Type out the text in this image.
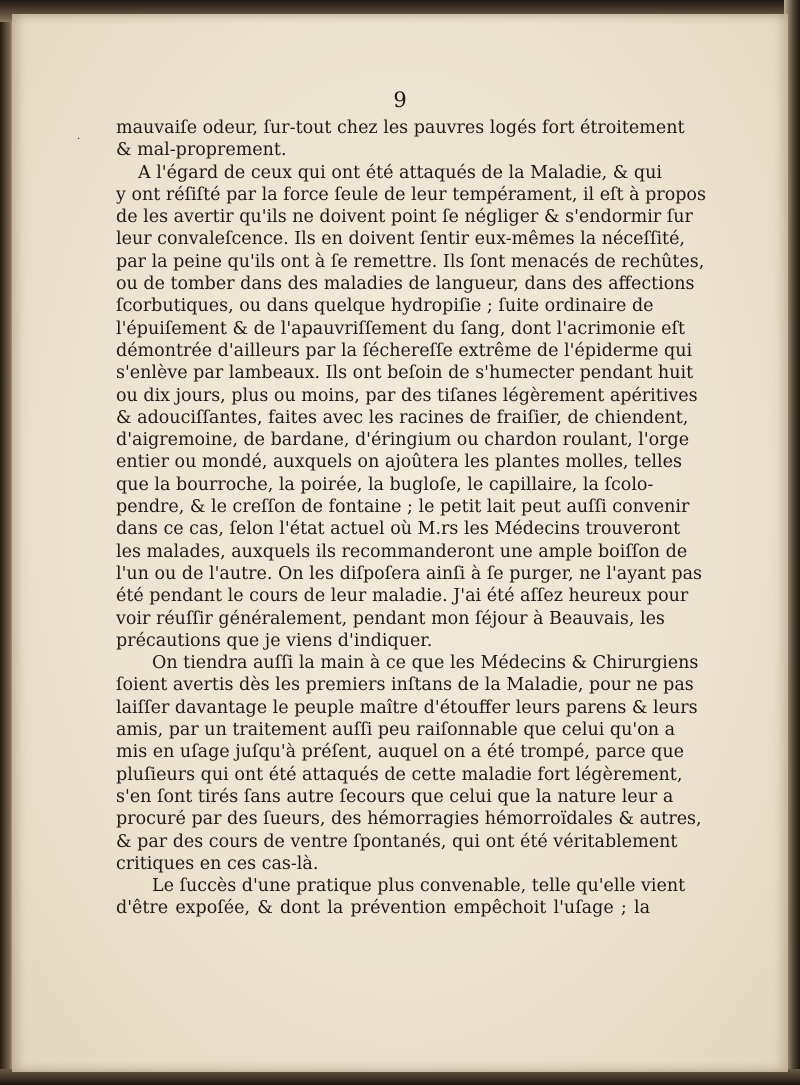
9

·
mauvaiſe odeur, ſur-tout chez les pauvres logés fort étroitement
& mal-proprement.
A l'égard de ceux qui ont été attaqués de la Maladie, & qui
y ont réſiſté par la force ſeule de leur tempérament, il eſt à propos
de les avertir qu'ils ne doivent point ſe négliger & s'endormir ſur
leur convaleſcence. Ils en doivent ſentir eux-mêmes la néceſſité,
par la peine qu'ils ont à ſe remettre. Ils ſont menacés de rechûtes,
ou de tomber dans des maladies de langueur, dans des affections
ſcorbutiques, ou dans quelque hydropiſie ; ſuite ordinaire de
l'épuiſement & de l'apauvriſſement du ſang, dont l'acrimonie eſt
démontrée d'ailleurs par la ſéchereſſe extrême de l'épiderme qui
s'enlève par lambeaux. Ils ont beſoin de s'humecter pendant huit
ou dix jours, plus ou moins, par des tiſanes légèrement apéritives
& adouciſſantes, faites avec les racines de fraiſier, de chiendent,
d'aigremoine, de bardane, d'éringium ou chardon roulant, l'orge
entier ou mondé, auxquels on ajoûtera les plantes molles, telles
que la bourroche, la poirée, la bugloſe, le capillaire, la ſcolo-
pendre, & le creſſon de fontaine ; le petit lait peut auſſi convenir
dans ce cas, ſelon l'état actuel où M.rs les Médecins trouveront
les malades, auxquels ils recommanderont une ample boiſſon de
l'un ou de l'autre. On les diſpoſera ainſi à ſe purger, ne l'ayant pas
été pendant le cours de leur maladie. J'ai été aſſez heureux pour
voir réuſſir généralement, pendant mon ſéjour à Beauvais, les
précautions que je viens d'indiquer.
On tiendra auſſi la main à ce que les Médecins & Chirurgiens
ſoient avertis dès les premiers inſtans de la Maladie, pour ne pas
laiſſer davantage le peuple maître d'étouffer leurs parens & leurs
amis, par un traitement auſſi peu raiſonnable que celui qu'on a
mis en uſage juſqu'à préſent, auquel on a été trompé, parce que
pluſieurs qui ont été attaqués de cette maladie fort légèrement,
s'en ſont tirés ſans autre ſecours que celui que la nature leur a
procuré par des ſueurs, des hémorragies hémorroïdales & autres,
& par des cours de ventre ſpontanés, qui ont été véritablement
critiques en ces cas-là.
Le ſuccès d'une pratique plus convenable, telle qu'elle vient
d'être expoſée, & dont la prévention empêchoit l'uſage ; la
